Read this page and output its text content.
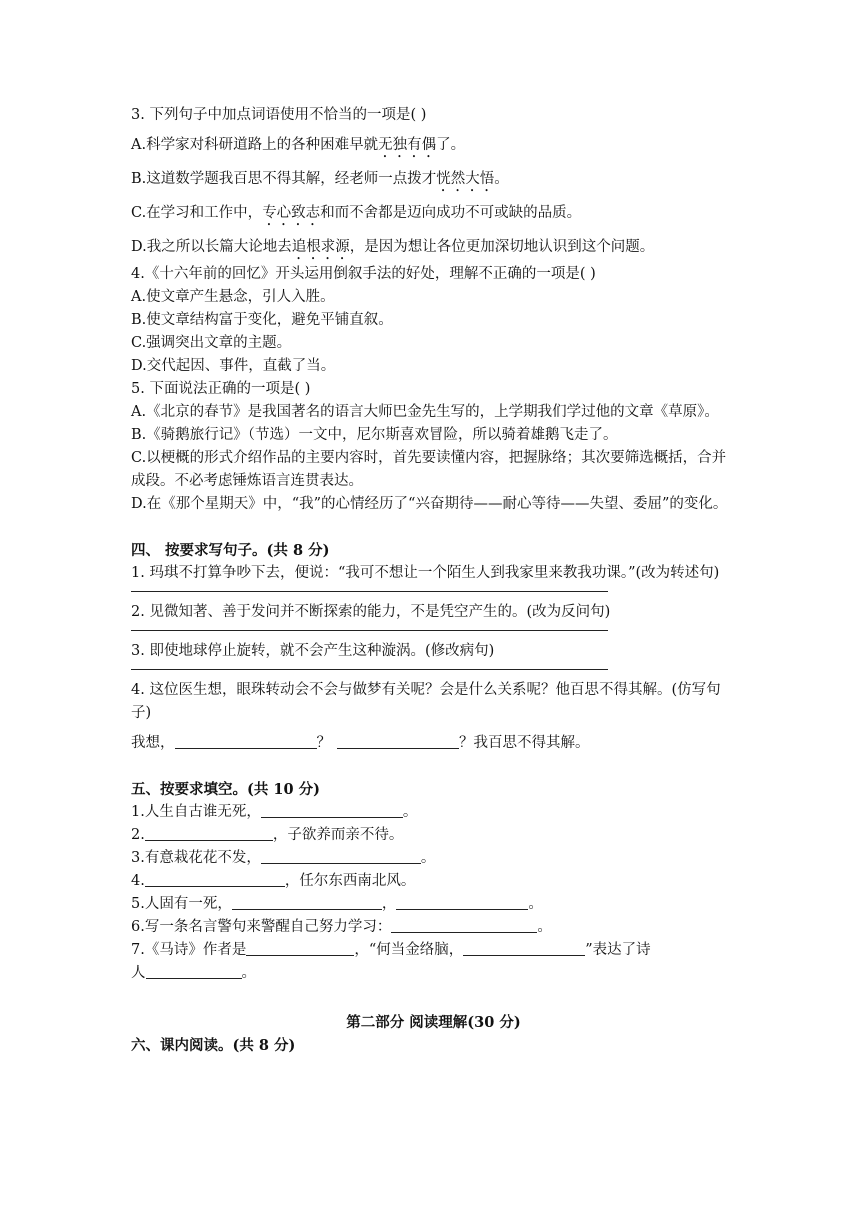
3. 下列句子中加点词语使用不恰当的一项是( )

A.科学家对科研道路上的各种困难早就无独有偶了。

B.这道数学题我百思不得其解，经老师一点拨才恍然大悟。

C.在学习和工作中，专心致志和而不舍都是迈向成功不可或缺的品质。

D.我之所以长篇大论地去追根求源，是因为想让各位更加深切地认识到这个问题。

4.《十六年前的回忆》开头运用倒叙手法的好处，理解不正确的一项是( )

A.使文章产生悬念，引人入胜。

B.使文章结构富于变化，避免平铺直叙。

C.强调突出文章的主题。

D.交代起因、事件，直截了当。

5. 下面说法正确的一项是( )

A.《北京的春节》是我国著名的语言大师巴金先生写的，上学期我们学过他的文章《草原》。

B.《骑鹅旅行记》（节选）一文中，尼尔斯喜欢冒险，所以骑着雄鹅飞走了。

C.以梗概的形式介绍作品的主要内容时，首先要读懂内容，把握脉络；其次要筛选概括，合并成段。不必考虑锤炼语言连贯表达。

D.在《那个星期天》中，“我”的心情经历了“兴奋期待——耐心等待——失望、委屈”的变化。

四、 按要求写句子。(共 8 分)

1. 玛琪不打算争吵下去，便说：“我可不想让一个陌生人到我家里来教我功课。”(改为转述句)

2. 见微知著、善于发问并不断探索的能力，不是凭空产生的。(改为反问句)

3. 即使地球停止旋转，就不会产生这种漩涡。(修改病句)

4. 这位医生想，眼珠转动会不会与做梦有关呢？会是什么关系呢？他百思不得其解。(仿写句子)

我想，	？	？我百思不得其解。

五、按要求填空。(共 10 分)

1.人生自古谁无死，	。

2.	，子欲养而亲不待。

3.有意栽花花不发，	。

4.	，任尔东西南北风。

5.人固有一死，	，	。

6.写一条名言警句来警醒自己努力学习：	。

7.《马诗》作者是	，“何当金络脑，	”表达了诗

人	。

第二部分 阅读理解(30 分)

六、课内阅读。(共 8 分)
